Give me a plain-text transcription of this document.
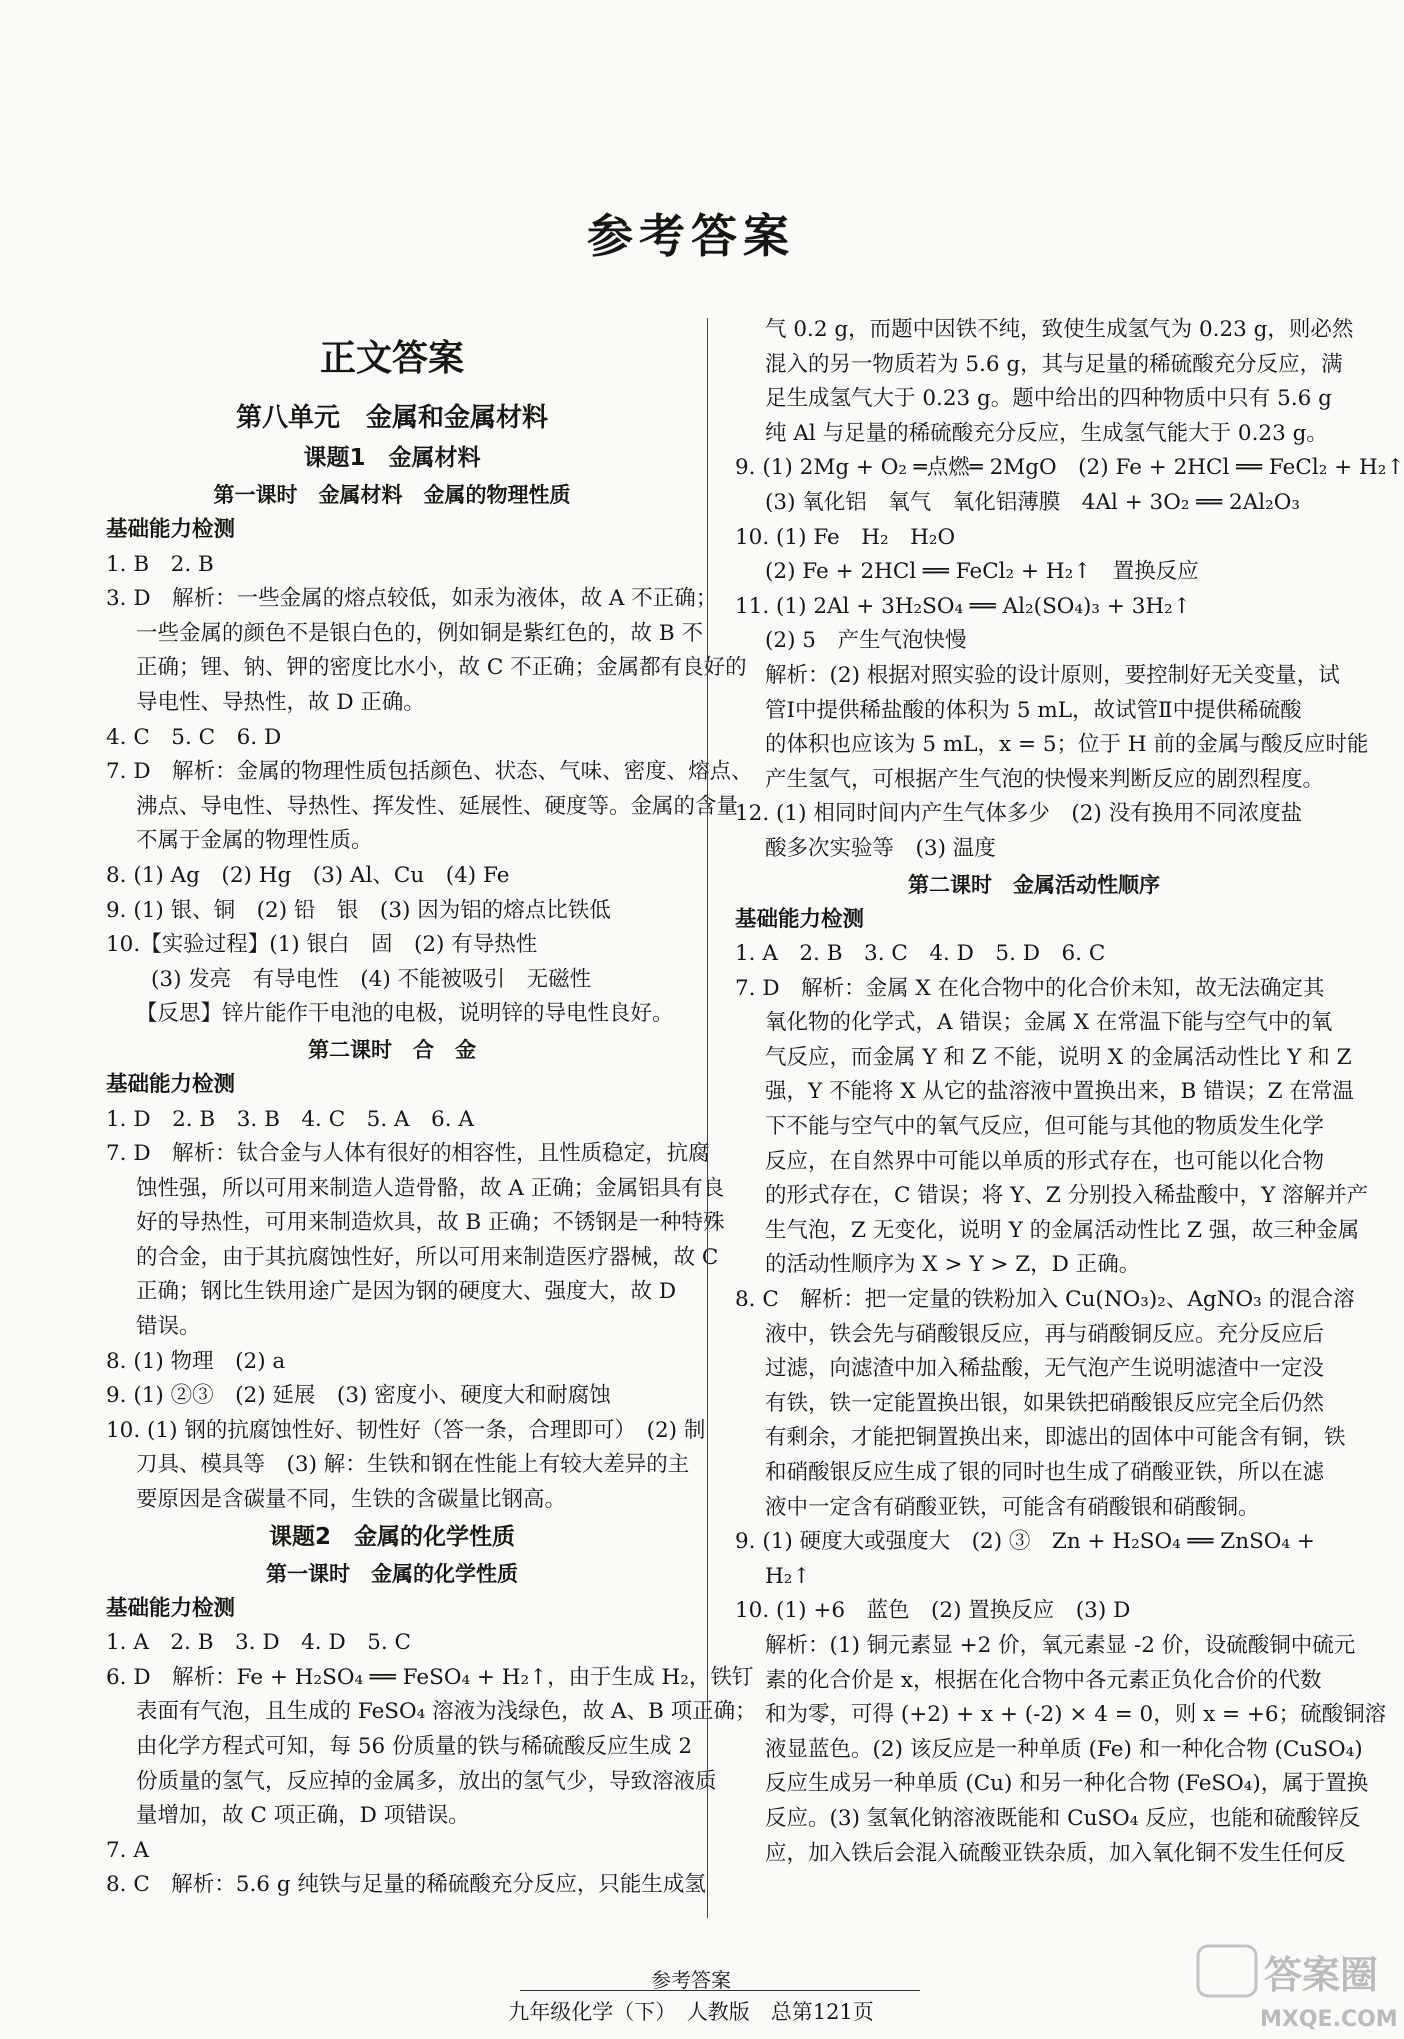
参考答案
正文答案
第八单元　金属和金属材料
课题1　金属材料
第一课时　金属材料　金属的物理性质
基础能力检测
1. B　2. B
3. D　解析：一些金属的熔点较低，如汞为液体，故 A 不正确；
一些金属的颜色不是银白色的，例如铜是紫红色的，故 B 不
正确；锂、钠、钾的密度比水小，故 C 不正确；金属都有良好的
导电性、导热性，故 D 正确。
4. C　5. C　6. D
7. D　解析：金属的物理性质包括颜色、状态、气味、密度、熔点、
沸点、导电性、导热性、挥发性、延展性、硬度等。金属的含量
不属于金属的物理性质。
8. (1) Ag　(2) Hg　(3) Al、Cu　(4) Fe
9. (1) 银、铜　(2) 铅　银　(3) 因为铝的熔点比铁低
10.【实验过程】(1) 银白　固　(2) 有导热性
(3) 发亮　有导电性　(4) 不能被吸引　无磁性
【反思】锌片能作干电池的电极，说明锌的导电性良好。
第二课时　合　金
基础能力检测
1. D　2. B　3. B　4. C　5. A　6. A
7. D　解析：钛合金与人体有很好的相容性，且性质稳定，抗腐
蚀性强，所以可用来制造人造骨骼，故 A 正确；金属铝具有良
好的导热性，可用来制造炊具，故 B 正确；不锈钢是一种特殊
的合金，由于其抗腐蚀性好，所以可用来制造医疗器械，故 C
正确；钢比生铁用途广是因为钢的硬度大、强度大，故 D
错误。
8. (1) 物理　(2) a
9. (1) ②③　(2) 延展　(3) 密度小、硬度大和耐腐蚀
10. (1) 钢的抗腐蚀性好、韧性好（答一条，合理即可）　(2) 制
刀具、模具等　(3) 解：生铁和钢在性能上有较大差异的主
要原因是含碳量不同，生铁的含碳量比钢高。
课题2　金属的化学性质
第一课时　金属的化学性质
基础能力检测
1. A　2. B　3. D　4. D　5. C
6. D　解析：Fe + H₂SO₄ ══ FeSO₄ + H₂↑，由于生成 H₂，铁钉
表面有气泡，且生成的 FeSO₄ 溶液为浅绿色，故 A、B 项正确；
由化学方程式可知，每 56 份质量的铁与稀硫酸反应生成 2
份质量的氢气，反应掉的金属多，放出的氢气少，导致溶液质
量增加，故 C 项正确，D 项错误。
7. A
8. C　解析：5.6 g 纯铁与足量的稀硫酸充分反应，只能生成氢
气 0.2 g，而题中因铁不纯，致使生成氢气为 0.23 g，则必然
混入的另一物质若为 5.6 g，其与足量的稀硫酸充分反应，满
足生成氢气大于 0.23 g。题中给出的四种物质中只有 5.6 g
纯 Al 与足量的稀硫酸充分反应，生成氢气能大于 0.23 g。
9. (1) 2Mg + O₂ ═点燃═ 2MgO　(2) Fe + 2HCl ══ FeCl₂ + H₂↑
(3) 氧化铝　氧气　氧化铝薄膜　4Al + 3O₂ ══ 2Al₂O₃
10. (1) Fe　H₂　H₂O
(2) Fe + 2HCl ══ FeCl₂ + H₂↑　置换反应
11. (1) 2Al + 3H₂SO₄ ══ Al₂(SO₄)₃ + 3H₂↑
(2) 5　产生气泡快慢
解析：(2) 根据对照实验的设计原则，要控制好无关变量，试
管Ⅰ中提供稀盐酸的体积为 5 mL，故试管Ⅱ中提供稀硫酸
的体积也应该为 5 mL，x = 5；位于 H 前的金属与酸反应时能
产生氢气，可根据产生气泡的快慢来判断反应的剧烈程度。
12. (1) 相同时间内产生气体多少　(2) 没有换用不同浓度盐
酸多次实验等　(3) 温度
第二课时　金属活动性顺序
基础能力检测
1. A　2. B　3. C　4. D　5. D　6. C
7. D　解析：金属 X 在化合物中的化合价未知，故无法确定其
氧化物的化学式，A 错误；金属 X 在常温下能与空气中的氧
气反应，而金属 Y 和 Z 不能，说明 X 的金属活动性比 Y 和 Z
强，Y 不能将 X 从它的盐溶液中置换出来，B 错误；Z 在常温
下不能与空气中的氧气反应，但可能与其他的物质发生化学
反应，在自然界中可能以单质的形式存在，也可能以化合物
的形式存在，C 错误；将 Y、Z 分别投入稀盐酸中，Y 溶解并产
生气泡，Z 无变化，说明 Y 的金属活动性比 Z 强，故三种金属
的活动性顺序为 X > Y > Z，D 正确。
8. C　解析：把一定量的铁粉加入 Cu(NO₃)₂、AgNO₃ 的混合溶
液中，铁会先与硝酸银反应，再与硝酸铜反应。充分反应后
过滤，向滤渣中加入稀盐酸，无气泡产生说明滤渣中一定没
有铁，铁一定能置换出银，如果铁把硝酸银反应完全后仍然
有剩余，才能把铜置换出来，即滤出的固体中可能含有铜，铁
和硝酸银反应生成了银的同时也生成了硝酸亚铁，所以在滤
液中一定含有硝酸亚铁，可能含有硝酸银和硝酸铜。
9. (1) 硬度大或强度大　(2) ③　Zn + H₂SO₄ ══ ZnSO₄ +
H₂↑
10. (1) +6　蓝色　(2) 置换反应　(3) D
解析：(1) 铜元素显 +2 价，氧元素显 -2 价，设硫酸铜中硫元
素的化合价是 x，根据在化合物中各元素正负化合价的代数
和为零，可得 (+2) + x + (-2) × 4 = 0，则 x = +6；硫酸铜溶
液显蓝色。(2) 该反应是一种单质 (Fe) 和一种化合物 (CuSO₄)
反应生成另一种单质 (Cu) 和另一种化合物 (FeSO₄)，属于置换
反应。(3) 氢氧化钠溶液既能和 CuSO₄ 反应，也能和硫酸锌反
应，加入铁后会混入硫酸亚铁杂质，加入氧化铜不发生任何反
参考答案
九年级化学（下）　人教版　总第121页
答案圈
MXQE.COM
